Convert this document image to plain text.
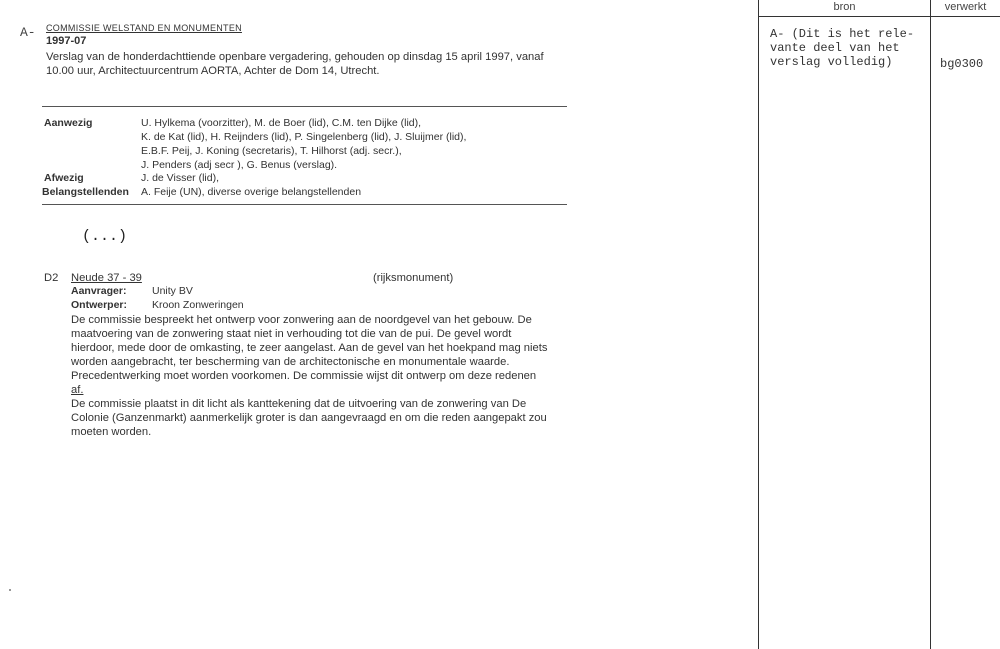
A- COMMISSIE WELSTAND EN MONUMENTEN
1997-07
Verslag van de honderdachttiende openbare vergadering, gehouden op dinsdag 15 april 1997, vanaf
10.00 uur, Architectuurcentrum AORTA, Achter de Dom 14, Utrecht.
Aanwezig	U. Hylkema (voorzitter), M. de Boer (lid), C.M. ten Dijke (lid),
K. de Kat (lid), H. Reijnders (lid), P. Singelenberg (lid), J. Sluijmer (lid),
E.B.F. Peij, J. Koning (secretaris), T. Hilhorst (adj. secr.),
J. Penders (adj secr ), G. Benus (verslag).
Afwezig	J. de Visser (lid),
Belangstellenden A. Feije (UN), diverse overige belangstellenden
(...)
D2 Neude 37 - 39	(rijksmonument)
Aanvrager: Unity BV
Ontwerper: Kroon Zonweringen
De commissie bespreekt het ontwerp voor zonwering aan de noordgevel van het gebouw. De
maatvoering van de zonwering staat niet in verhouding tot die van de pui. De gevel wordt
hierdoor, mede door de omkasting, te zeer aangelast. Aan de gevel van het hoekpand mag niets
worden aangebracht, ter bescherming van de architectonische en monumentale waarde.
Precedentwerking moet worden voorkomen. De commissie wijst dit ontwerp om deze redenen
af.
De commissie plaatst in dit licht als kanttekening dat de uitvoering van de zonwering van De
Colonie (Ganzenmarkt) aanmerkelijk groter is dan aangevraagd en om die reden aangepakt zou
moeten worden.
bron	verwerkt
A- (Dit is het rele-
vante deel van het
verslag volledig)	bg0300
